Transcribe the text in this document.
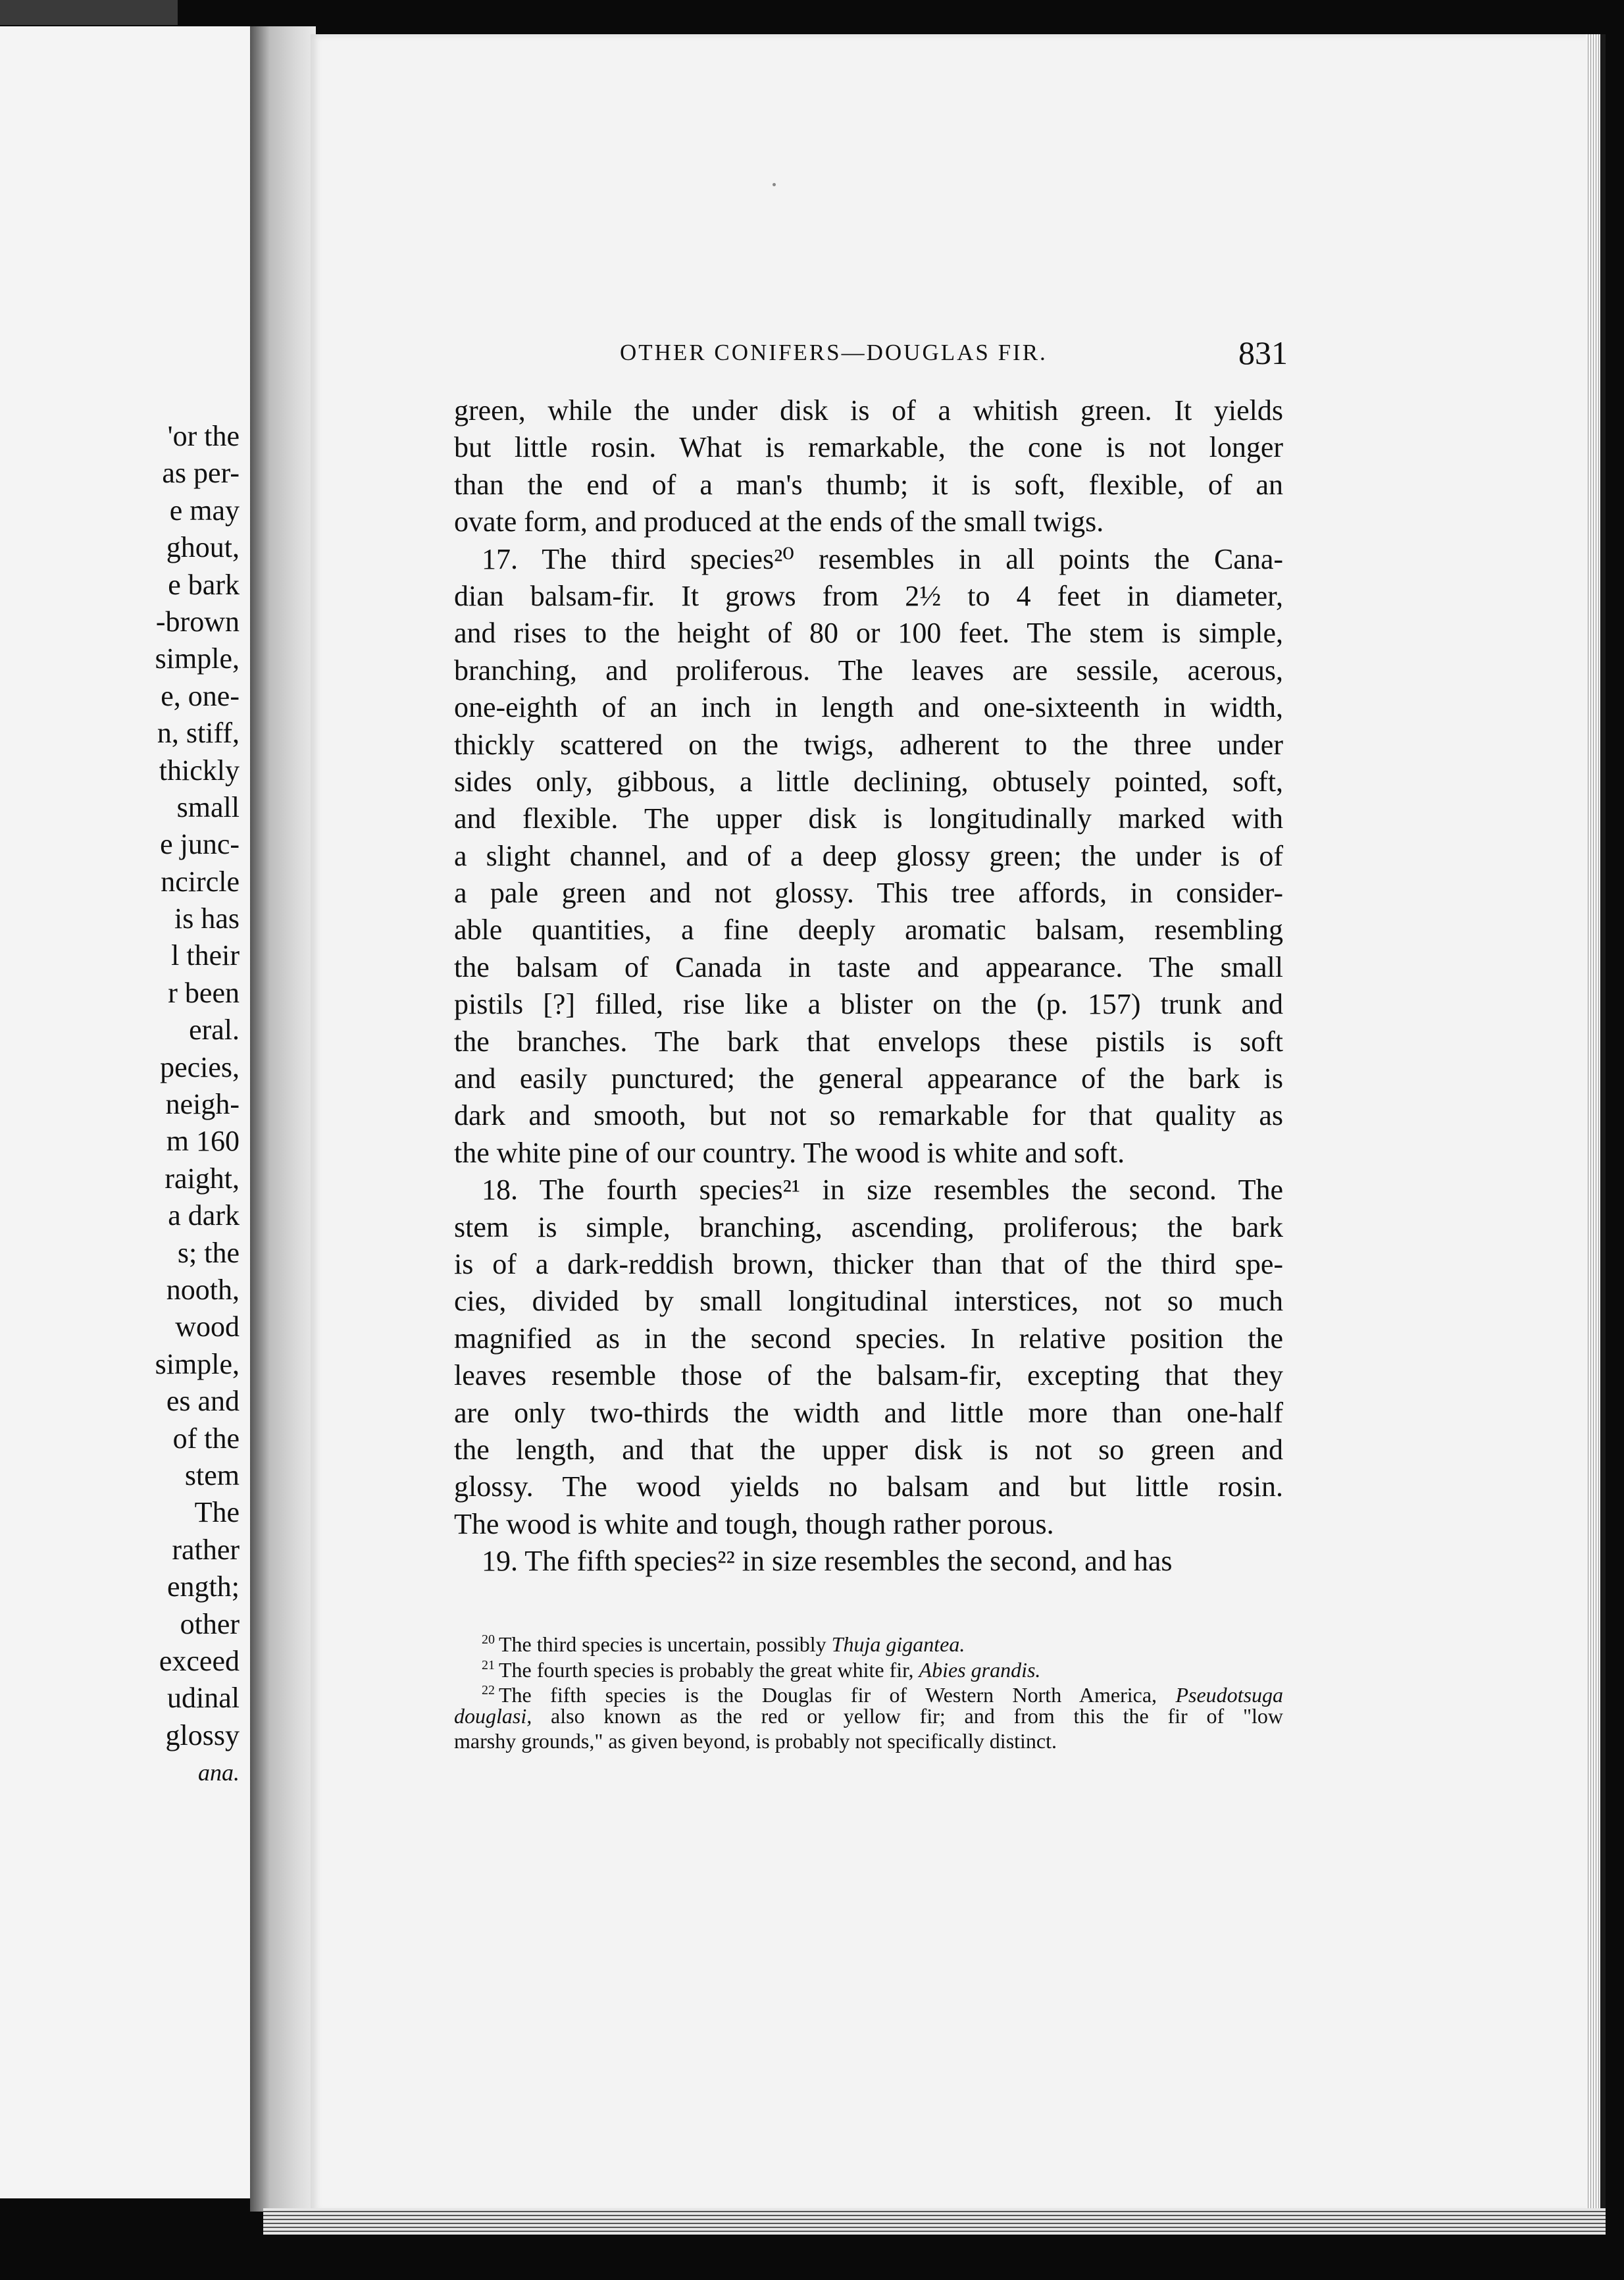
'or the
as per-
e may
ghout,
e bark
-brown
simple,
e, one-
n, stiff,
thickly
small
e junc-
ncircle
is has
l their
r been
eral.
pecies,
neigh-
m 160
raight,
a dark
s; the
nooth,
wood
simple,
es and
of the
stem
The
rather
ength;
other
exceed
udinal
glossy
ana.
OTHER CONIFERS—DOUGLAS FIR.	831
green, while the under disk is of a whitish green. It yields
but little rosin. What is remarkable, the cone is not longer
than the end of a man's thumb; it is soft, flexible, of an
ovate form, and produced at the ends of the small twigs.
17. The third species²⁰ resembles in all points the Cana-
dian balsam-fir. It grows from 2½ to 4 feet in diameter,
and rises to the height of 80 or 100 feet. The stem is simple,
branching, and proliferous. The leaves are sessile, acerous,
one-eighth of an inch in length and one-sixteenth in width,
thickly scattered on the twigs, adherent to the three under
sides only, gibbous, a little declining, obtusely pointed, soft,
and flexible. The upper disk is longitudinally marked with
a slight channel, and of a deep glossy green; the under is of
a pale green and not glossy. This tree affords, in consider-
able quantities, a fine deeply aromatic balsam, resembling
the balsam of Canada in taste and appearance. The small
pistils [?] filled, rise like a blister on the (p. 157) trunk and
the branches. The bark that envelops these pistils is soft
and easily punctured; the general appearance of the bark is
dark and smooth, but not so remarkable for that quality as
the white pine of our country. The wood is white and soft.
18. The fourth species²¹ in size resembles the second. The
stem is simple, branching, ascending, proliferous; the bark
is of a dark-reddish brown, thicker than that of the third spe-
cies, divided by small longitudinal interstices, not so much
magnified as in the second species. In relative position the
leaves resemble those of the balsam-fir, excepting that they
are only two-thirds the width and little more than one-half
the length, and that the upper disk is not so green and
glossy. The wood yields no balsam and but little rosin.
The wood is white and tough, though rather porous.
19. The fifth species²² in size resembles the second, and has
$^{20}$ The third species is uncertain, possibly Thuja gigantea.
$^{21}$ The fourth species is probably the great white fir, Abies grandis.
$^{22}$ The fifth species is the Douglas fir of Western North America, Pseudotsuga
douglasi, also known as the red or yellow fir; and from this the fir of "low
marshy grounds," as given beyond, is probably not specifically distinct.
